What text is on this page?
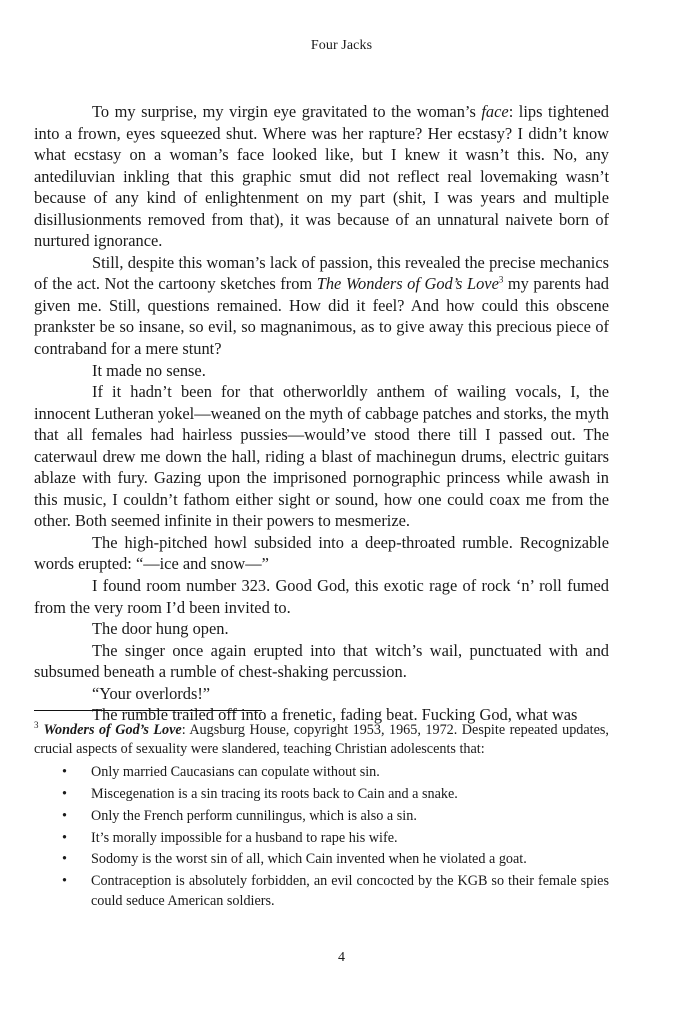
Four Jacks

To my surprise, my virgin eye gravitated to the woman’s face: lips tightened into a frown, eyes squeezed shut. Where was her rapture? Her ecstasy? I didn’t know what ecstasy on a woman’s face looked like, but I knew it wasn’t this. No, any antediluvian inkling that this graphic smut did not reflect real lovemaking wasn’t because of any kind of enlightenment on my part (shit, I was years and multiple disillusionments removed from that), it was because of an unnatural naivete born of nurtured ignorance.

Still, despite this woman’s lack of passion, this revealed the precise mechanics of the act. Not the cartoony sketches from The Wonders of God’s Love$^3$ my parents had given me. Still, questions remained. How did it feel? And how could this obscene prankster be so insane, so evil, so magnanimous, as to give away this precious piece of contraband for a mere stunt?

It made no sense.

If it hadn’t been for that otherworldly anthem of wailing vocals, I, the innocent Lutheran yokel—weaned on the myth of cabbage patches and storks, the myth that all females had hairless pussies—would’ve stood there till I passed out. The caterwaul drew me down the hall, riding a blast of machinegun drums, electric guitars ablaze with fury. Gazing upon the imprisoned pornographic princess while awash in this music, I couldn’t fathom either sight or sound, how one could coax me from the other. Both seemed infinite in their powers to mesmerize.

The high-pitched howl subsided into a deep-throated rumble. Recognizable words erupted: “—ice and snow—”

I found room number 323. Good God, this exotic rage of rock ‘n’ roll fumed from the very room I’d been invited to.

The door hung open.

The singer once again erupted into that witch’s wail, punctuated with and subsumed beneath a rumble of chest-shaking percussion.

“Your overlords!”

The rumble trailed off into a frenetic, fading beat. Fucking God, what was

$^3$ Wonders of God’s Love: Augsburg House, copyright 1953, 1965, 1972. Despite repeated updates, crucial aspects of sexuality were slandered, teaching Christian adolescents that:

• Only married Caucasians can copulate without sin.
• Miscegenation is a sin tracing its roots back to Cain and a snake.
• Only the French perform cunnilingus, which is also a sin.
• It’s morally impossible for a husband to rape his wife.
• Sodomy is the worst sin of all, which Cain invented when he violated a goat.
• Contraception is absolutely forbidden, an evil concocted by the KGB so their female spies could seduce American soldiers.
4
